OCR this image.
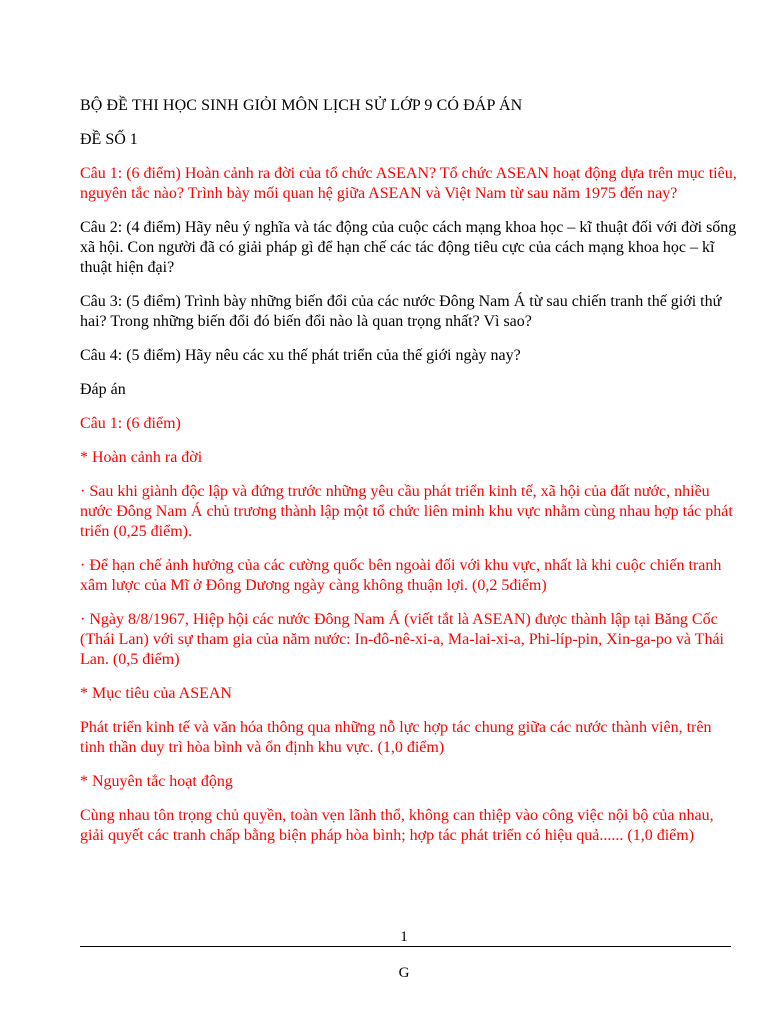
BỘ ĐỀ THI HỌC SINH GIỎI MÔN LỊCH SỬ LỚP 9 CÓ ĐÁP ÁN

ĐỀ SỐ 1

Câu 1: (6 điểm) Hoàn cảnh ra đời của tổ chức ASEAN? Tổ chức ASEAN hoạt động dựa trên mục tiêu, nguyên tắc nào? Trình bày mối quan hệ giữa ASEAN và Việt Nam từ sau năm 1975 đến nay?

Câu 2: (4 điểm) Hãy nêu ý nghĩa và tác động của cuộc cách mạng khoa học – kĩ thuật đối với đời sống xã hội. Con người đã có giải pháp gì để hạn chế các tác động tiêu cực của cách mạng khoa học – kĩ thuật hiện đại?

Câu 3: (5 điểm) Trình bày những biến đổi của các nước Đông Nam Á từ sau chiến tranh thế giới thứ hai? Trong những biến đổi đó biến đổi nào là quan trọng nhất? Vì sao?

Câu 4: (5 điểm) Hãy nêu các xu thế phát triển của thế giới ngày nay?

Đáp án

Câu 1: (6 điểm)

* Hoàn cảnh ra đời

· Sau khi giành độc lập và đứng trước những yêu cầu phát triển kinh tế, xã hội của đất nước, nhiều nước Đông Nam Á chủ trương thành lập một tổ chức liên minh khu vực nhằm cùng nhau hợp tác phát triển (0,25 điểm).

· Để hạn chế ảnh hưởng của các cường quốc bên ngoài đối với khu vực, nhất là khi cuộc chiến tranh xâm lược của Mĩ ở Đông Dương ngày càng không thuận lợi. (0,2 5điểm)

· Ngày 8/8/1967, Hiệp hội các nước Đông Nam Á (viết tắt là ASEAN) được thành lập tại Băng Cốc (Thái Lan) với sự tham gia của năm nước: In-đô-nê-xi-a, Ma-lai-xi-a, Phi-líp-pin, Xin-ga-po và Thái Lan. (0,5 điểm)

* Mục tiêu của ASEAN

Phát triển kinh tế và văn hóa thông qua những nỗ lực hợp tác chung giữa các nước thành viên, trên tinh thần duy trì hòa bình và ổn định khu vực. (1,0 điểm)

* Nguyên tắc hoạt động

Cùng nhau tôn trọng chủ quyền, toàn vẹn lãnh thổ, không can thiệp vào công việc nội bộ của nhau, giải quyết các tranh chấp bằng biện pháp hòa bình; hợp tác phát triển có hiệu quả...... (1,0 điểm)

1
G
